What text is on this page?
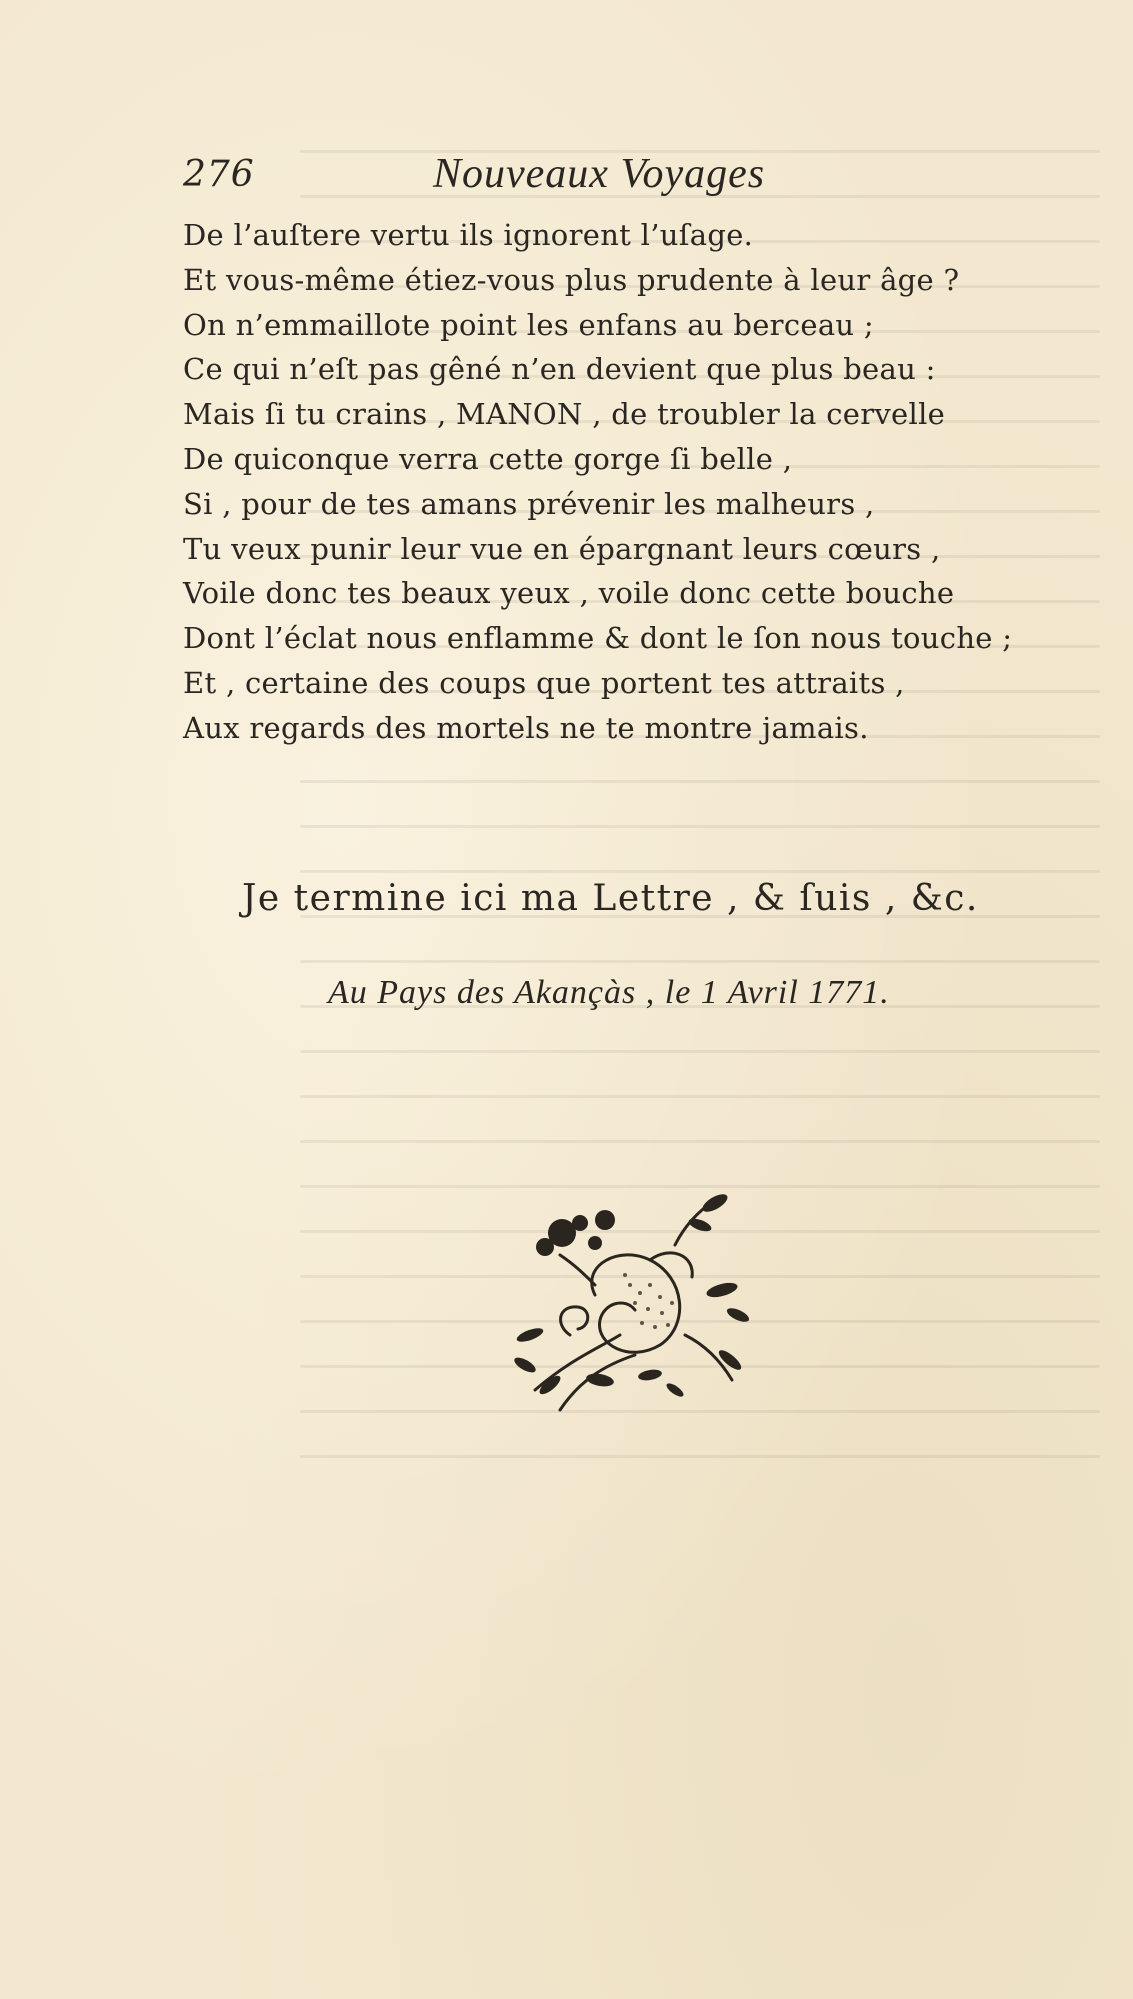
276	Nouveaux Voyages
De l’auſtere vertu ils ignorent l’uſage.
Et vous-même étiez-vous plus prudente à leur âge ?
On n’emmaillote point les enfans au berceau ;
Ce qui n’eſt pas gêné n’en devient que plus beau :
Mais ſi tu crains , MANON , de troubler la cervelle
De quiconque verra cette gorge ſi belle ,
Si , pour de tes amans prévenir les malheurs ,
Tu veux punir leur vue en épargnant leurs cœurs ,
Voile donc tes beaux yeux , voile donc cette bouche
Dont l’éclat nous enflamme & dont le ſon nous touche ;
Et , certaine des coups que portent tes attraits ,
Aux regards des mortels ne te montre jamais.
Je termine ici ma Lettre , & ſuis , &c.
Au Pays des Akançàs , le 1 Avril 1771.
